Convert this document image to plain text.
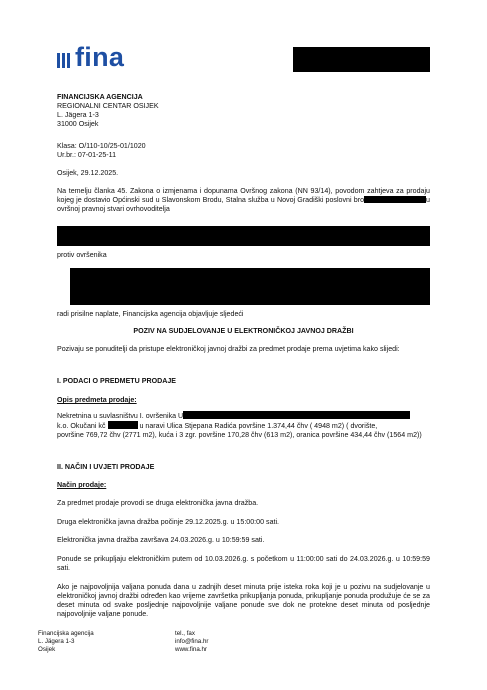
fina
FINANCIJSKA AGENCIJA
REGIONALNI CENTAR OSIJEK
L. Jägera 1-3
31000 Osijek
Klasa: O/110-10/25-01/1020
Ur.br.: 07-01-25-11
Osijek, 29.12.2025.
Na temelju članka 45. Zakona o izmjenama i dopunama Ovršnog zakona (NN 93/14), povodom zahtjeva za prodaju kojeg je dostavio Općinski sud u Slavonskom Brodu, Stalna služba u Novoj Gradiški poslovni bro	u ovršnoj pravnoj stvari ovrhovoditelja
protiv ovršenika
radi prisilne naplate, Financijska agencija objavljuje sljedeći
POZIV NA SUDJELOVANJE U ELEKTRONIČKOJ JAVNOJ DRAŽBI
Pozivaju se ponuditelji da pristupe elektroničkoj javnoj dražbi za predmet prodaje prema uvjetima kako slijedi:
I. PODACI O PREDMETU PRODAJE
Opis predmeta prodaje:
Nekretnina u suvlasništvu I. ovršenika U
k.o. Okučani kč	u naravi Ulica Stjepana Radića površine 1.374,44 čhv ( 4948 m2) ( dvorište,
površine 769,72 čhv (2771 m2), kuća i 3 zgr. površine 170,28 čhv (613 m2), oranica površine 434,44 čhv (1564 m2))
II. NAČIN I UVJETI PRODAJE
Način prodaje:
Za predmet prodaje provodi se druga elektronička javna dražba.
Druga elektronička javna dražba počinje 29.12.2025.g. u 15:00:00 sati.
Elektronička javna dražba završava 24.03.2026.g. u 10:59:59 sati.
Ponude se prikupljaju elektroničkim putem od 10.03.2026.g. s početkom u 11:00:00 sati do 24.03.2026.g. u 10:59:59 sati.
Ako je najpovoljnija valjana ponuda dana u zadnjih deset minuta prije isteka roka koji je u pozivu na sudjelovanje u elektroničkoj javnoj dražbi određen kao vrijeme završetka prikupljanja ponuda, prikupljanje ponuda produžuje će se za deset minuta od svake posljednje najpovoljnije valjane ponude sve dok ne protekne deset minuta od posljednje najpovoljnije valjane ponude.
Financijska agencija
L. Jägera 1-3
Osijek
tel., fax
info@fina.hr
www.fina.hr
